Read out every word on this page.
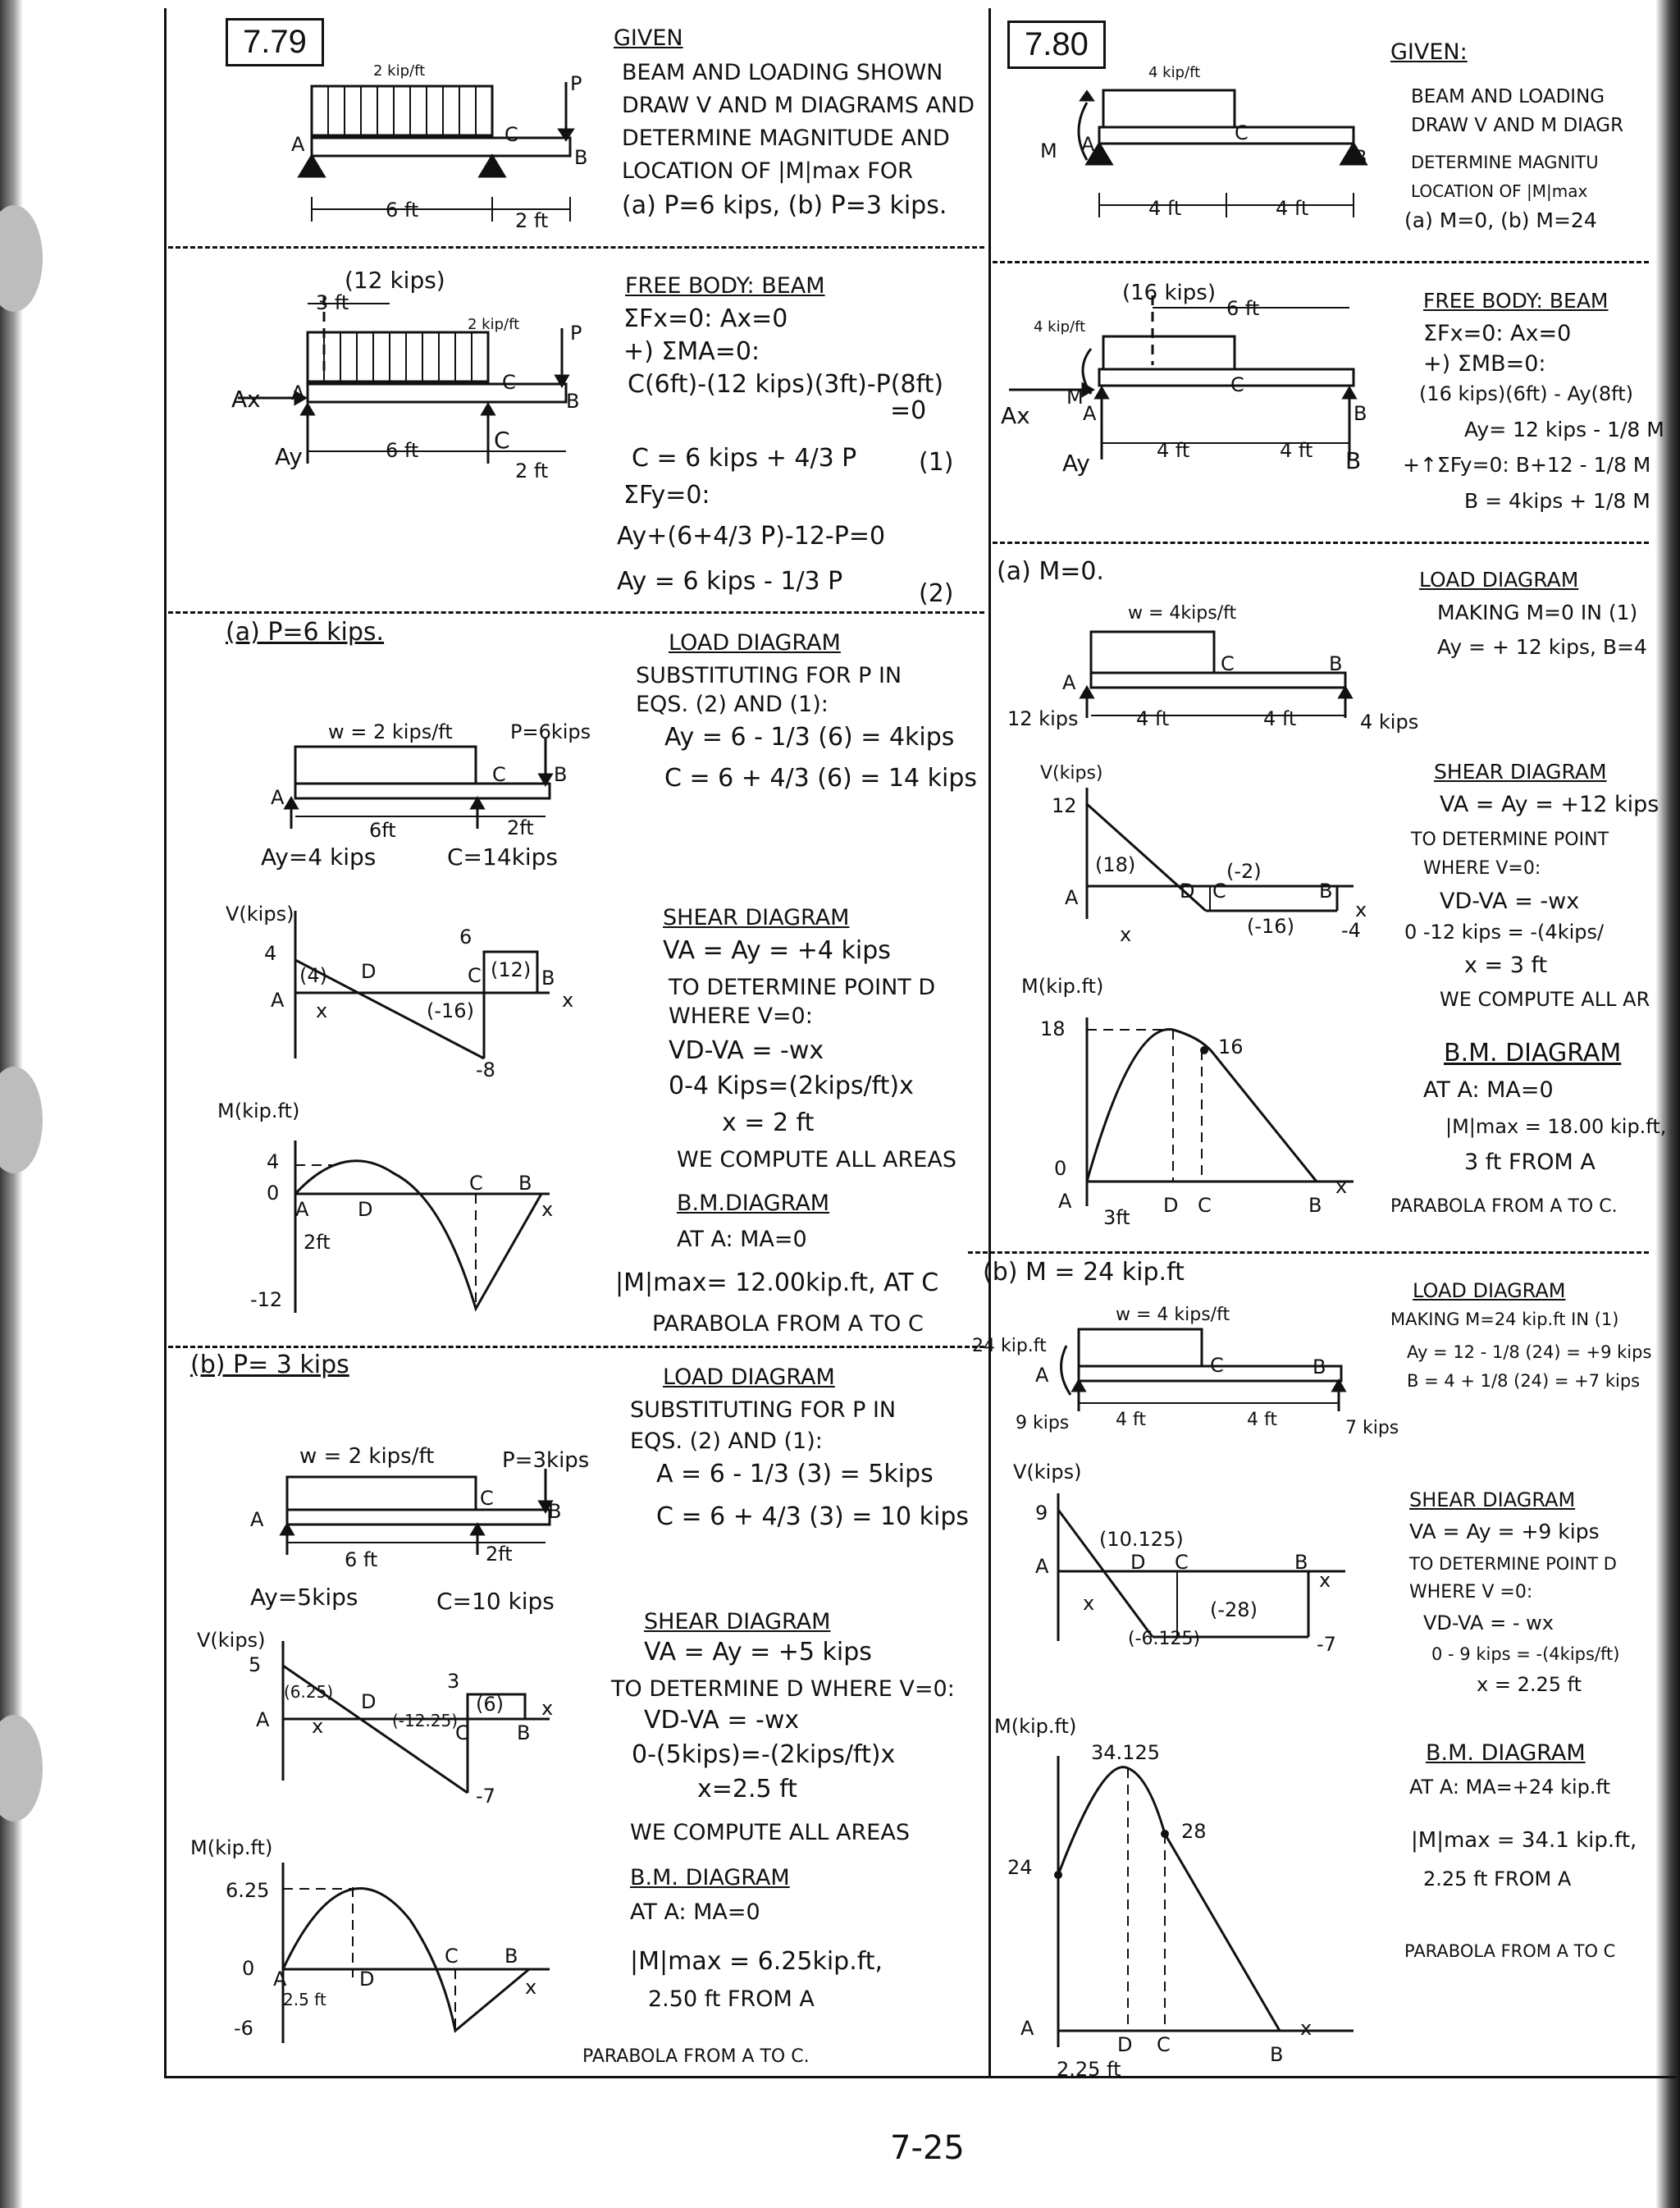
7.79
2 kip/ft
P
A	C
B
6 ft	2 ft
GIVEN
BEAM AND LOADING SHOWN
DRAW V AND M DIAGRAMS AND
DETERMINE MAGNITUDE AND
LOCATION OF |M|max FOR
(a) P=6 kips, (b) P=3 kips.
(12 kips)
3 ft
2 kip/ft	P
Ax A	C
B
Ay
C
6 ft
2 ft
FREE BODY: BEAM
ΣFx=0: Ax=0
+) ΣMA=0:
C(6ft)-(12 kips)(3ft)-P(8ft)
=0
C = 6 kips + 4/3 P	(1)
ΣFy=0:
Ay+(6+4/3 P)-12-P=0
Ay = 6 kips - 1/3 P	(2)
(a) P=6 kips.	LOAD DIAGRAM
SUBSTITUTING FOR P IN
EQS. (2) AND (1):
Ay = 6 - 1/3 (6) = 4kips
C = 6 + 4/3 (6) = 14 kips
w = 2 kips/ft	P=6kips
A
C B
6ft	2ft
Ay=4 kips	C=14kips
V(kips)
4
6
-8
(4)
(-16)
(12)
A
D	C	B
x
x
SHEAR DIAGRAM
VA = Ay = +4 kips
TO DETERMINE POINT D
WHERE V=0:
VD-VA = -wx
0-4 Kips=(2kips/ft)x
x = 2 ft
WE COMPUTE ALL AREAS
M(kip.ft)
4
0
-12
A D
C B
x
2ft
B.M.DIAGRAM
AT A: MA=0
|M|max= 12.00kip.ft, AT C
PARABOLA FROM A TO C
(b) P= 3 kips	LOAD DIAGRAM
SUBSTITUTING FOR P IN
EQS. (2) AND (1):
A = 6 - 1/3 (3) = 5kips
C = 6 + 4/3 (3) = 10 kips
w = 2 kips/ft	P=3kips
A
C
B
6 ft	2ft
Ay=5kips	C=10 kips
V(kips)
5
3
-7
(6.25)
(-12.25)
(6)
A
D
C B
x
x
SHEAR DIAGRAM
VA = Ay = +5 kips
TO DETERMINE D WHERE V=0:
VD-VA = -wx
0-(5kips)=-(2kips/ft)x
x=2.5 ft
WE COMPUTE ALL AREAS
M(kip.ft)
6.25
0
-6
A	D
C B
x
2.5 ft
B.M. DIAGRAM
AT A: MA=0
|M|max = 6.25kip.ft,
2.50 ft FROM A
PARABOLA FROM A TO C.
7.80
4 kip/ft
M A	C
B
4 ft	4 ft
GIVEN:
BEAM AND LOADING
DRAW V AND M DIAGR
DETERMINE MAGNITU
LOCATION OF |M|max
(a) M=0, (b) M=24
(16 kips)
6 ft
4 kip/ft
Ax
M
A
C
B
Ay	B
4 ft	4 ft
FREE BODY: BEAM
ΣFx=0: Ax=0
+) ΣMB=0:
(16 kips)(6ft) - Ay(8ft)
Ay= 12 kips - 1/8 M
+↑ΣFy=0: B+12 - 1/8 M
B = 4kips + 1/8 M
(a) M=0.	LOAD DIAGRAM
MAKING M=0 IN (1)
Ay = + 12 kips, B=4
w = 4kips/ft
A
C	B
4 ft	4 ft
12 kips	4 kips
V(kips)
12
-4
(18)	(-2)
(-16)
A	D C	B
x
x
SHEAR DIAGRAM
VA = Ay = +12 kips
TO DETERMINE POINT
WHERE V=0:
VD-VA = -wx
0 -12 kips = -(4kips/
x = 3 ft
WE COMPUTE ALL AR
M(kip.ft)
18
16
0
A	D C	B
x
3ft
B.M. DIAGRAM
AT A: MA=0
|M|max = 18.00 kip.ft,
3 ft FROM A
PARABOLA FROM A TO C.
(b) M = 24 kip.ft
LOAD DIAGRAM
MAKING M=24 kip.ft IN (1)
Ay = 12 - 1/8 (24) = +9 kips
B = 4 + 1/8 (24) = +7 kips
w = 4 kips/ft
24 kip.ft
A	C	B
4 ft	4 ft
9 kips	7 kips
V(kips)
9
-7
(10.125)
(-6.125)
(-28)
A	D C	B
x
x
SHEAR DIAGRAM
VA = Ay = +9 kips
TO DETERMINE POINT D
WHERE V =0:
VD-VA = - wx
0 - 9 kips = -(4kips/ft)
x = 2.25 ft
M(kip.ft)
34.125
28
24
A
D C	B
x
2.25 ft
B.M. DIAGRAM
AT A: MA=+24 kip.ft
|M|max = 34.1 kip.ft,
2.25 ft FROM A
PARABOLA FROM A TO C
7-25
